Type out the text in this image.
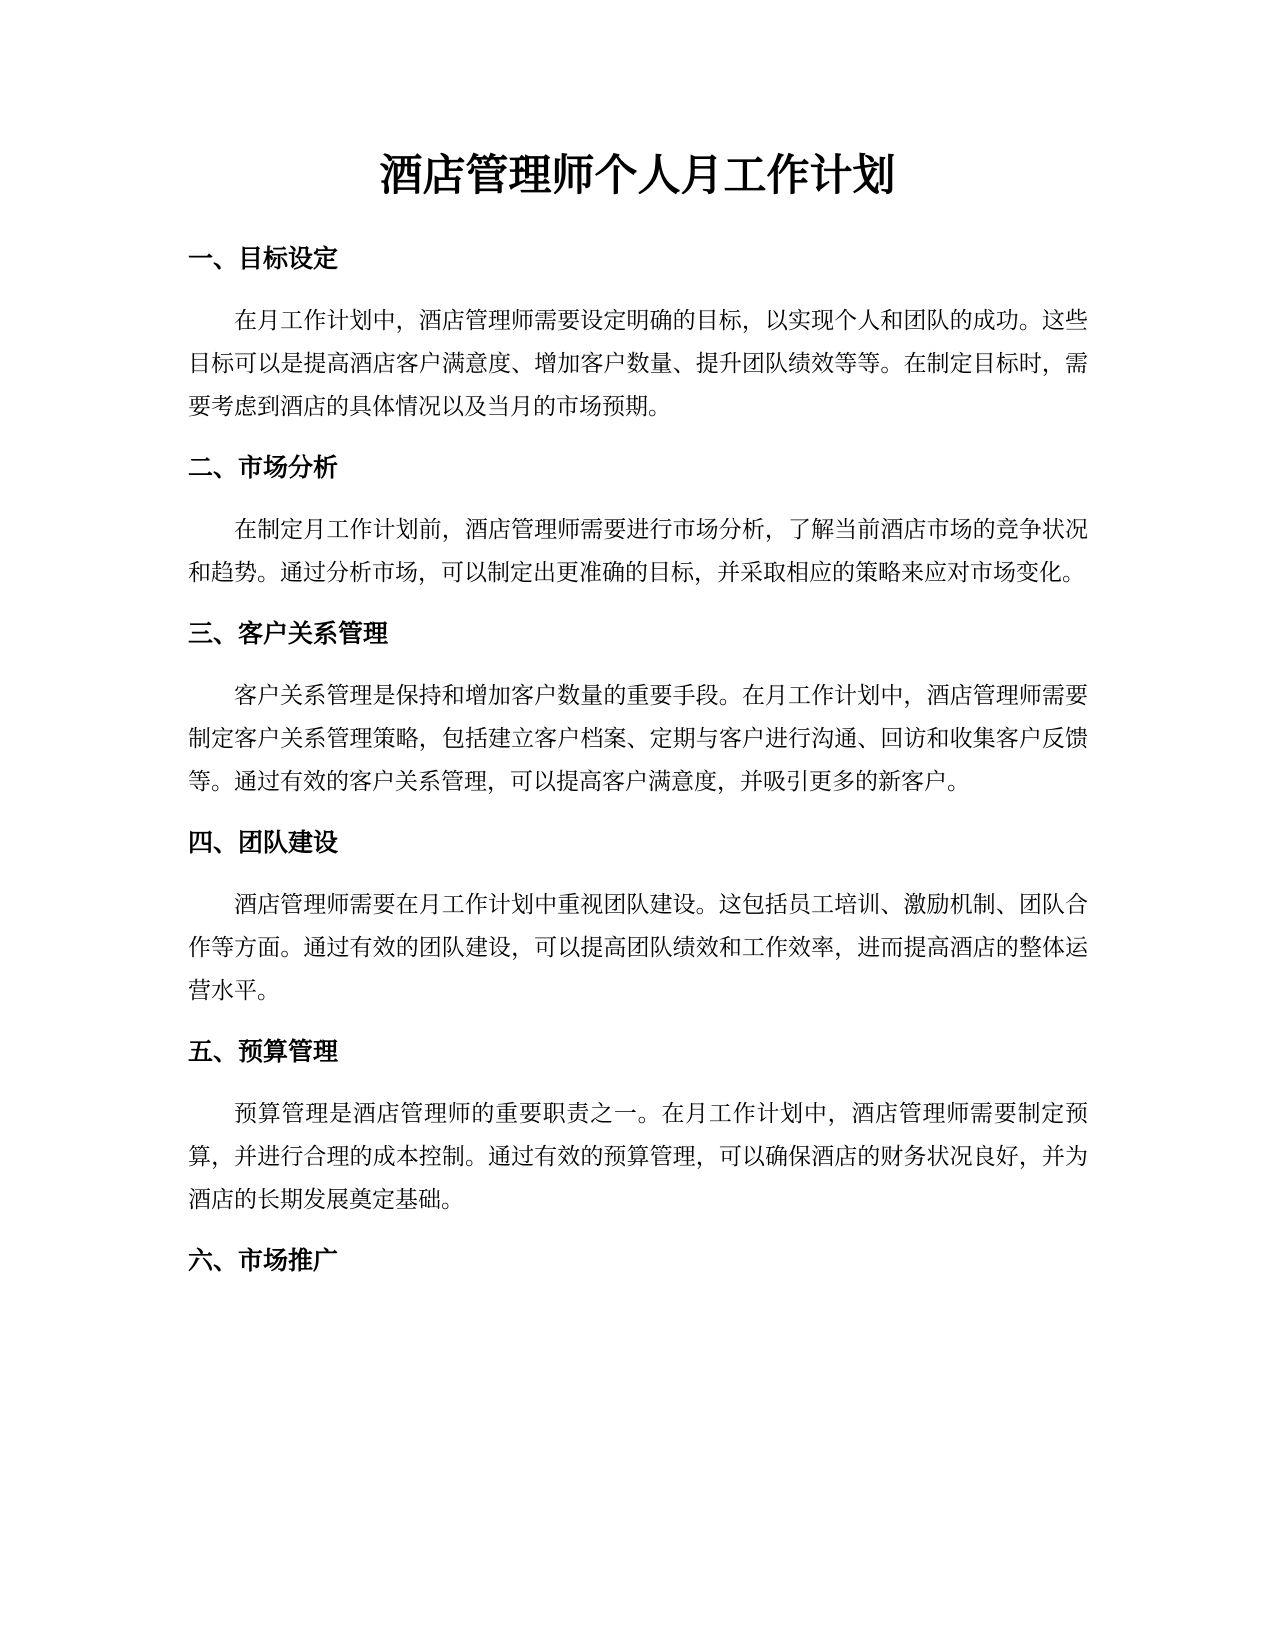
酒店管理师个人月工作计划
一、目标设定

在月工作计划中，酒店管理师需要设定明确的目标，以实现个人和团队的成功。这些目标可以是提高酒店客户满意度、增加客户数量、提升团队绩效等等。在制定目标时，需要考虑到酒店的具体情况以及当月的市场预期。

二、市场分析

在制定月工作计划前，酒店管理师需要进行市场分析，了解当前酒店市场的竞争状况和趋势。通过分析市场，可以制定出更准确的目标，并采取相应的策略来应对市场变化。

三、客户关系管理

客户关系管理是保持和增加客户数量的重要手段。在月工作计划中，酒店管理师需要制定客户关系管理策略，包括建立客户档案、定期与客户进行沟通、回访和收集客户反馈等。通过有效的客户关系管理，可以提高客户满意度，并吸引更多的新客户。

四、团队建设

酒店管理师需要在月工作计划中重视团队建设。这包括员工培训、激励机制、团队合作等方面。通过有效的团队建设，可以提高团队绩效和工作效率，进而提高酒店的整体运营水平。

五、预算管理

预算管理是酒店管理师的重要职责之一。在月工作计划中，酒店管理师需要制定预算，并进行合理的成本控制。通过有效的预算管理，可以确保酒店的财务状况良好，并为酒店的长期发展奠定基础。

六、市场推广
